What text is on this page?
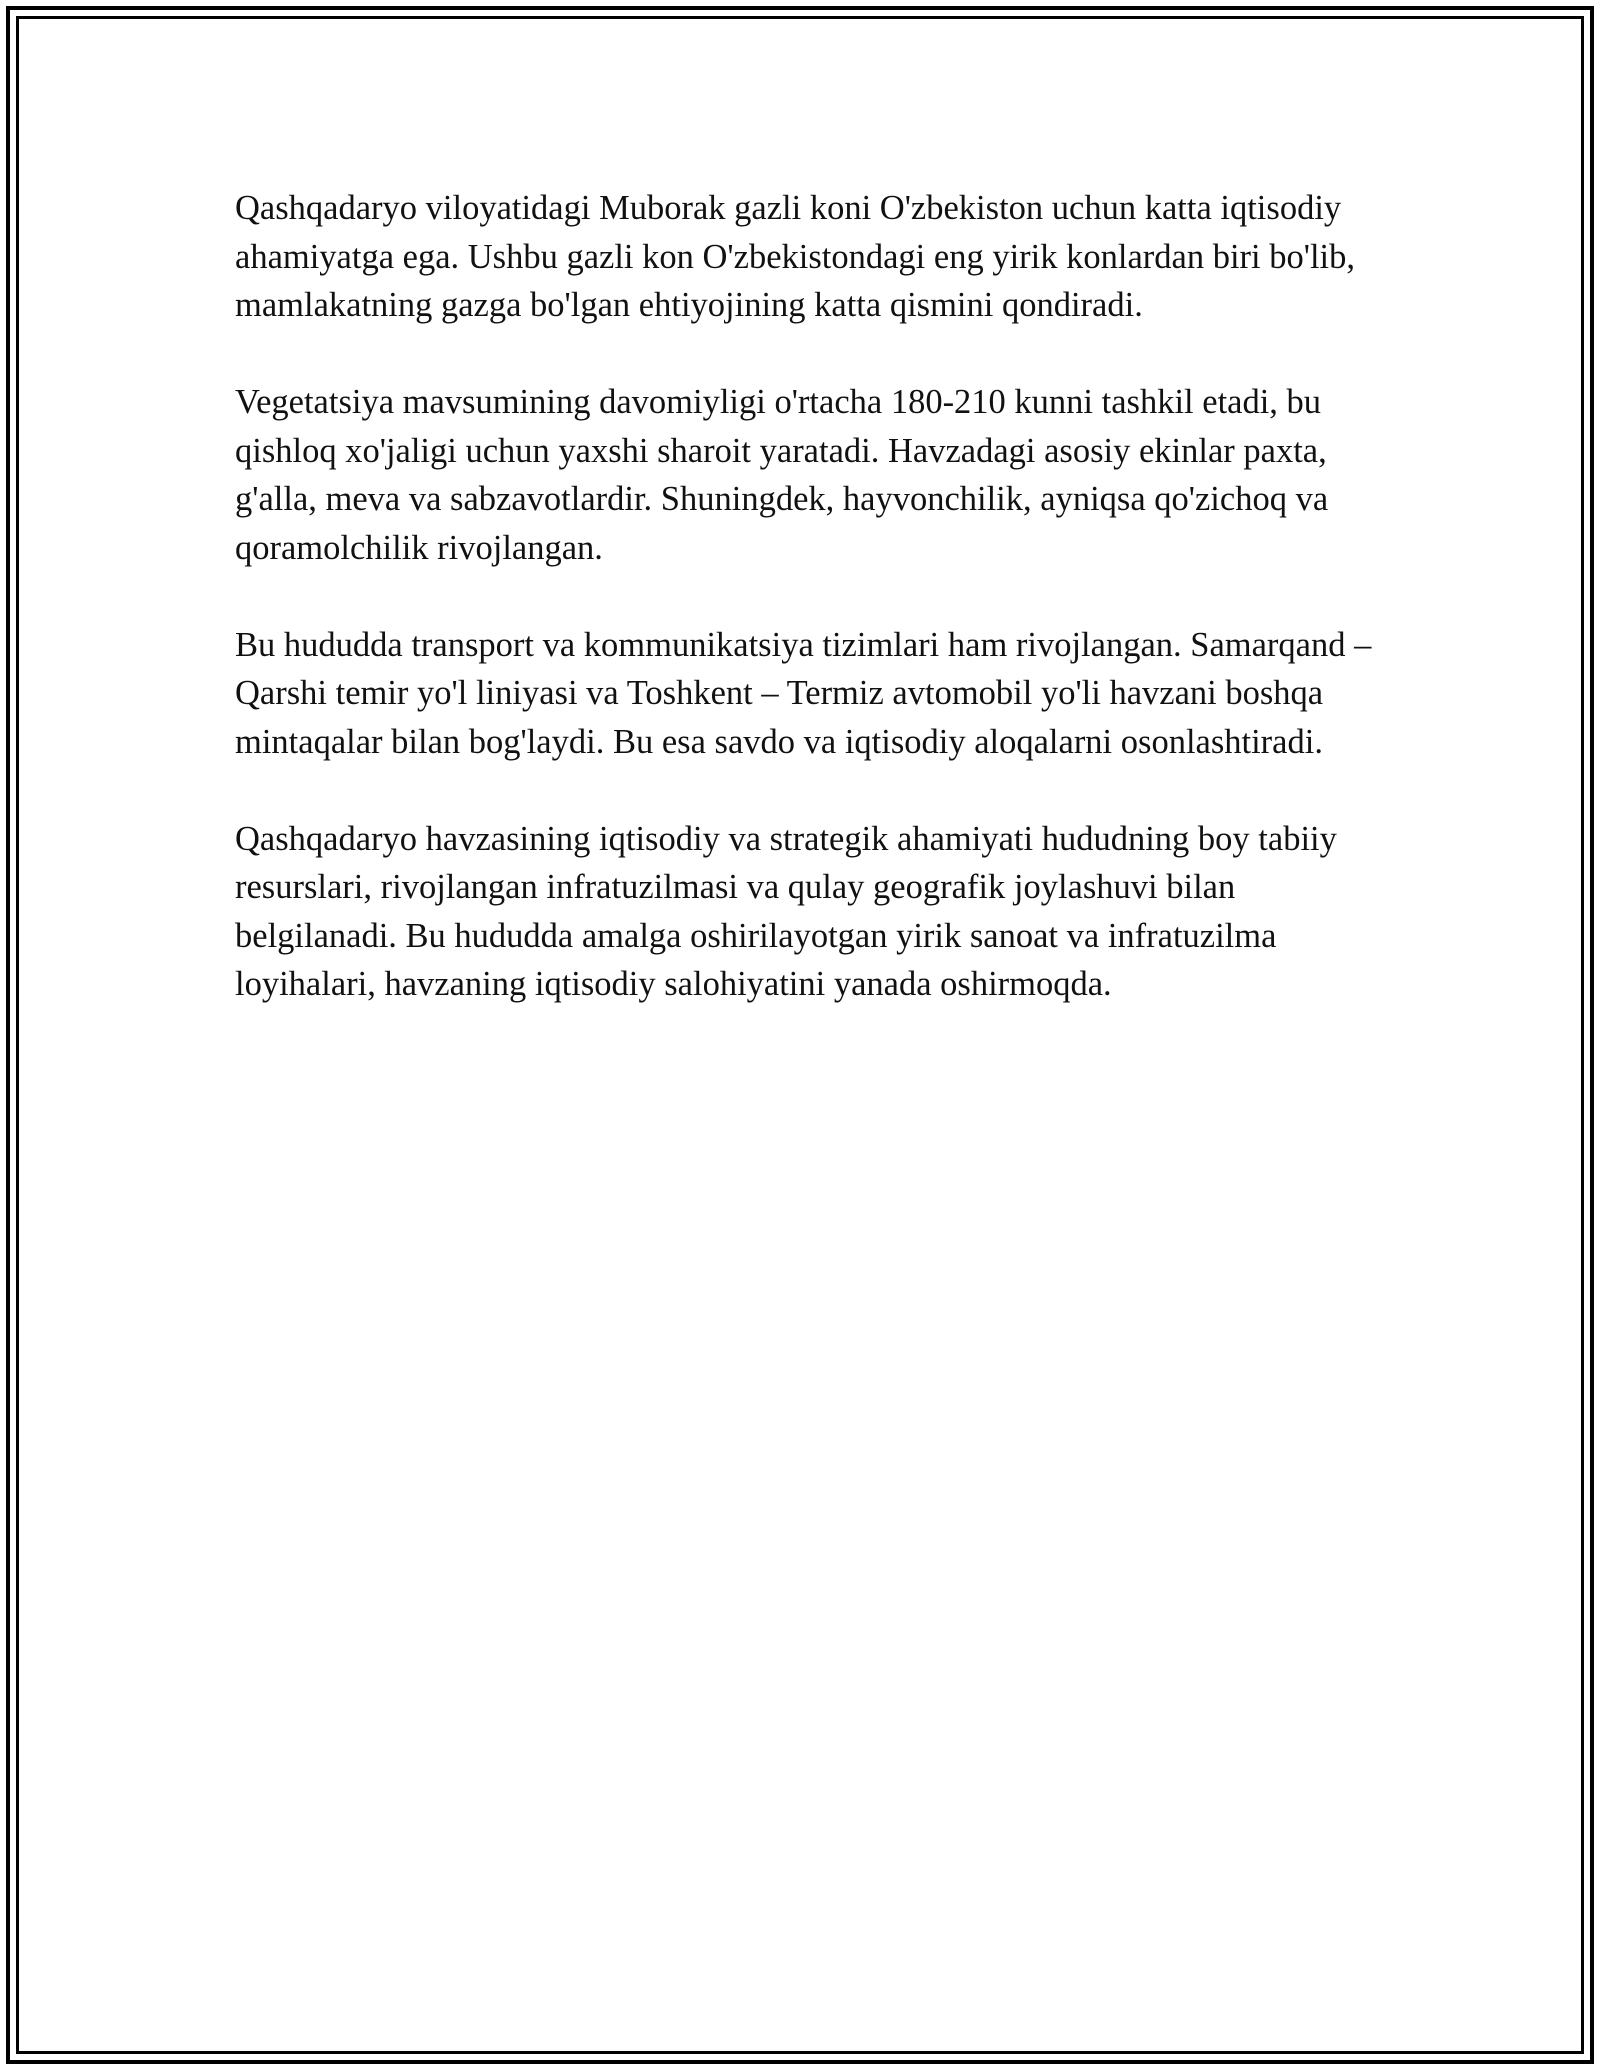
Qashqadaryo viloyatidagi Muborak gazli koni O'zbekiston uchun katta iqtisodiy ahamiyatga ega. Ushbu gazli kon O'zbekistondagi eng yirik konlardan biri bo'lib, mamlakatning gazga bo'lgan ehtiyojining katta qismini qondiradi.

Vegetatsiya mavsumining davomiyligi o'rtacha 180-210 kunni tashkil etadi, bu qishloq xo'jaligi uchun yaxshi sharoit yaratadi. Havzadagi asosiy ekinlar paxta, g'alla, meva va sabzavotlardir. Shuningdek, hayvonchilik, ayniqsa qo'zichoq va qoramolchilik rivojlangan.

Bu hududda transport va kommunikatsiya tizimlari ham rivojlangan. Samarqand – Qarshi temir yo'l liniyasi va Toshkent – Termiz avtomobil yo'li havzani boshqa mintaqalar bilan bog'laydi. Bu esa savdo va iqtisodiy aloqalarni osonlashtiradi.

Qashqadaryo havzasining iqtisodiy va strategik ahamiyati hududning boy tabiiy resurslari, rivojlangan infratuzilmasi va qulay geografik joylashuvi bilan belgilanadi. Bu hududda amalga oshirilayotgan yirik sanoat va infratuzilma loyihalari, havzaning iqtisodiy salohiyatini yanada oshirmoqda.
